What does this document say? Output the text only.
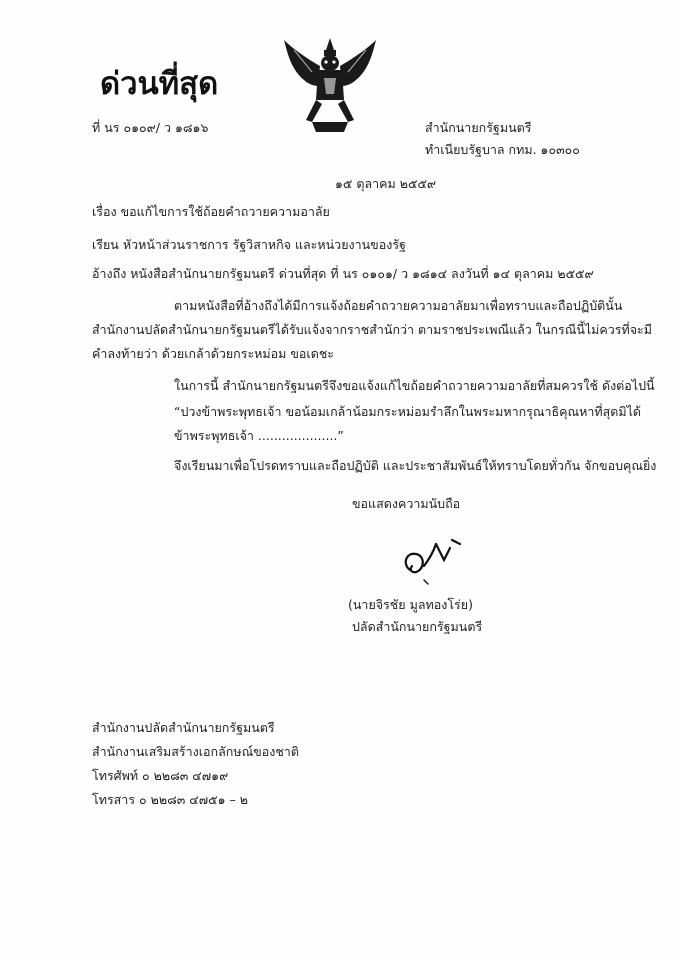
ด่วนที่สุด
ที่ นร ๐๑๐๙/ ว ๑๘๑๖	สำนักนายกรัฐมนตรี
ทำเนียบรัฐบาล กทม. ๑๐๓๐๐
๑๕ ตุลาคม ๒๕๕๙
เรื่อง ขอแก้ไขการใช้ถ้อยคำถวายความอาลัย
เรียน หัวหน้าส่วนราชการ รัฐวิสาหกิจ และหน่วยงานของรัฐ
อ้างถึง หนังสือสำนักนายกรัฐมนตรี ด่วนที่สุด ที่ นร ๐๑๐๑/ ว ๑๘๑๔ ลงวันที่ ๑๔ ตุลาคม ๒๕๕๙
ตามหนังสือที่อ้างถึงได้มีการแจ้งถ้อยคำถวายความอาลัยมาเพื่อทราบและถือปฏิบัตินั้น
สำนักงานปลัดสำนักนายกรัฐมนตรีได้รับแจ้งจากราชสำนักว่า ตามราชประเพณีแล้ว ในกรณีนี้ไม่ควรที่จะมี
คำลงท้ายว่า ด้วยเกล้าด้วยกระหม่อม ขอเดชะ
ในการนี้ สำนักนายกรัฐมนตรีจึงขอแจ้งแก้ไขถ้อยคำถวายความอาลัยที่สมควรใช้ ดังต่อไปนี้
“ปวงข้าพระพุทธเจ้า ขอน้อมเกล้าน้อมกระหม่อมรำลึกในพระมหากรุณาธิคุณหาที่สุดมิได้
ข้าพระพุทธเจ้า ....................”
จึงเรียนมาเพื่อโปรดทราบและถือปฏิบัติ และประชาสัมพันธ์ให้ทราบโดยทั่วกัน จักขอบคุณยิ่ง
ขอแสดงความนับถือ
(นายจิรชัย มูลทองโร่ย)
ปลัดสำนักนายกรัฐมนตรี
สำนักงานปลัดสำนักนายกรัฐมนตรี
สำนักงานเสริมสร้างเอกลักษณ์ของชาติ
โทรศัพท์ ๐ ๒๒๘๓ ๔๗๑๙
โทรสาร ๐ ๒๒๘๓ ๔๗๕๑ – ๒
